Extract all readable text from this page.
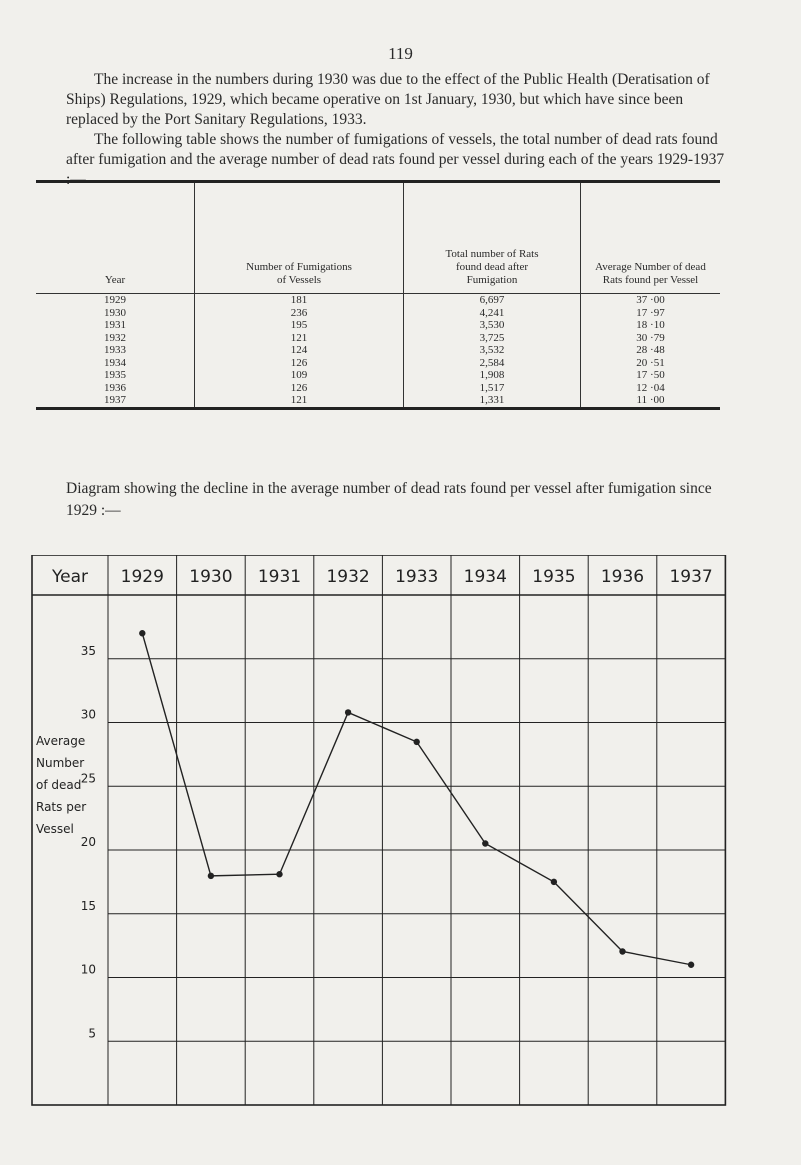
119

The increase in the numbers during 1930 was due to the effect of the Public Health (Deratisation of Ships) Regulations, 1929, which became operative on 1st January, 1930, but which have since been replaced by the Port Sanitary Regulations, 1933.

The following table shows the number of fumigations of vessels, the total number of dead rats found after fumigation and the average number of dead rats found per vessel during each of the years 1929-1937 :—

Year	Number of Fumigations of Vessels	Total number of Rats found dead after Fumigation	Average Number of dead Rats found per Vessel

1929	181	6,697	37 ·00
1930	236	4,241	17 ·97
1931	195	3,530	18 ·10
1932	121	3,725	30 ·79
1933	124	3,532	28 ·48
1934	126	2,584	20 ·51
1935	109	1,908	17 ·50
1936	126	1,517	12 ·04
1937	121	1,331	11 ·00

Diagram showing the decline in the average number of dead rats found per vessel after fumigation since 1929 :—

Year 1929 1930 1931 1932 1933 1934 1935 1936 1937
35
30
25
20
15
10
5
Average
Number
of dead
Rats per
Vessel
